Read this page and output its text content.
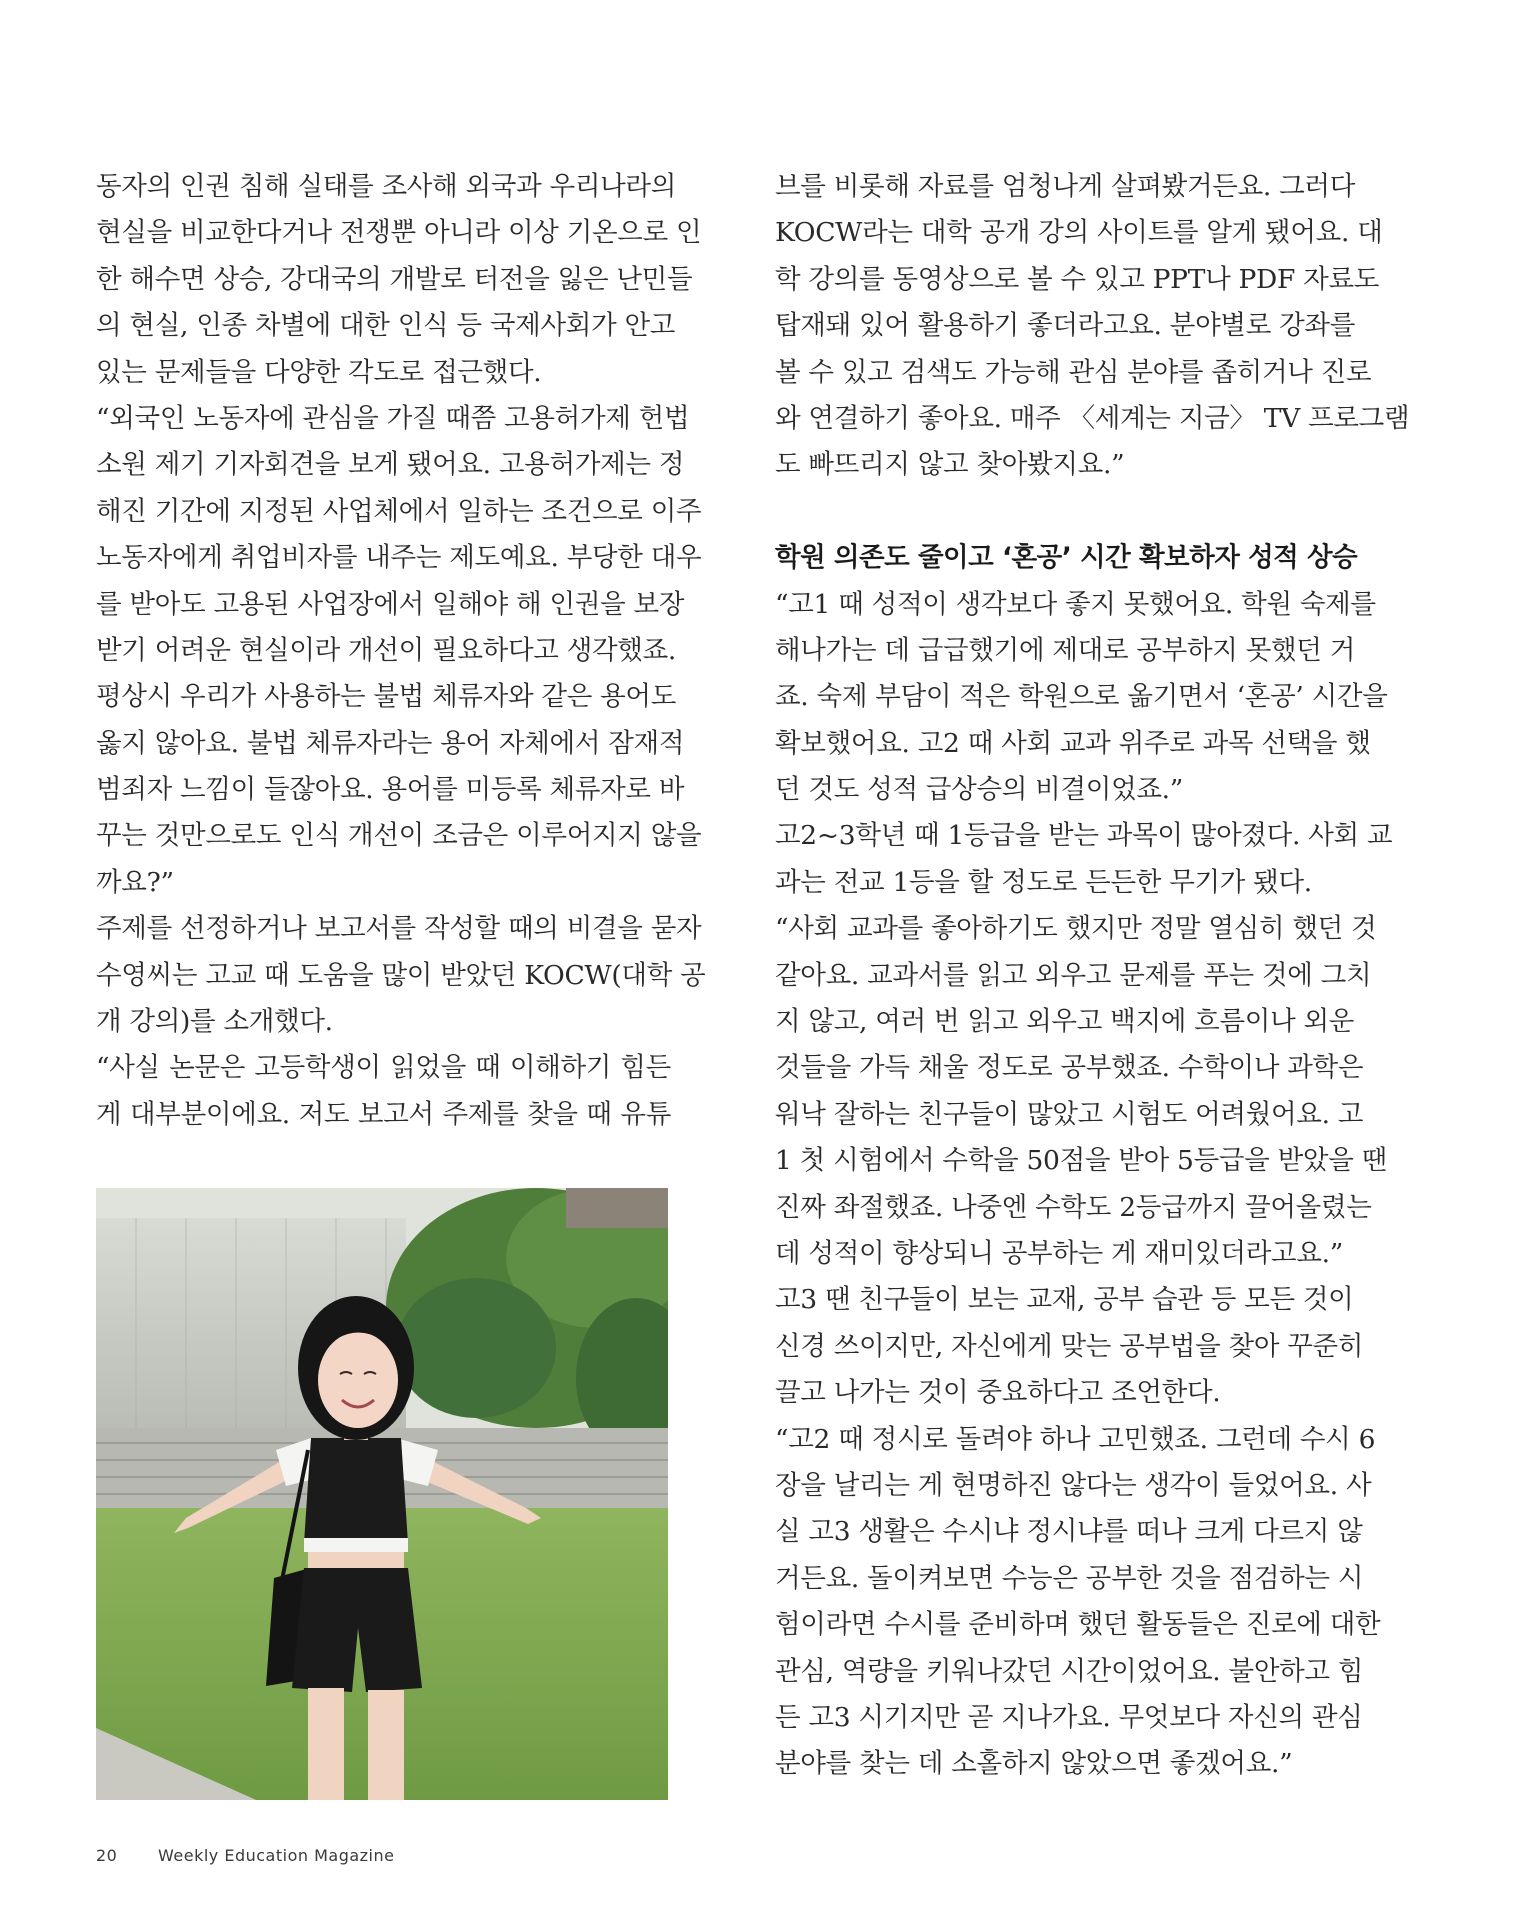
동자의 인권 침해 실태를 조사해 외국과 우리나라의
현실을 비교한다거나 전쟁뿐 아니라 이상 기온으로 인
한 해수면 상승, 강대국의 개발로 터전을 잃은 난민들
의 현실, 인종 차별에 대한 인식 등 국제사회가 안고
있는 문제들을 다양한 각도로 접근했다.
“외국인 노동자에 관심을 가질 때쯤 고용허가제 헌법
소원 제기 기자회견을 보게 됐어요. 고용허가제는 정
해진 기간에 지정된 사업체에서 일하는 조건으로 이주
노동자에게 취업비자를 내주는 제도예요. 부당한 대우
를 받아도 고용된 사업장에서 일해야 해 인권을 보장
받기 어려운 현실이라 개선이 필요하다고 생각했죠.
평상시 우리가 사용하는 불법 체류자와 같은 용어도
옳지 않아요. 불법 체류자라는 용어 자체에서 잠재적
범죄자 느낌이 들잖아요. 용어를 미등록 체류자로 바
꾸는 것만으로도 인식 개선이 조금은 이루어지지 않을
까요?”
주제를 선정하거나 보고서를 작성할 때의 비결을 묻자
수영씨는 고교 때 도움을 많이 받았던 KOCW(대학 공
개 강의)를 소개했다.
“사실 논문은 고등학생이 읽었을 때 이해하기 힘든
게 대부분이에요. 저도 보고서 주제를 찾을 때 유튜
브를 비롯해 자료를 엄청나게 살펴봤거든요. 그러다
KOCW라는 대학 공개 강의 사이트를 알게 됐어요. 대
학 강의를 동영상으로 볼 수 있고 PPT나 PDF 자료도
탑재돼 있어 활용하기 좋더라고요. 분야별로 강좌를
볼 수 있고 검색도 가능해 관심 분야를 좁히거나 진로
와 연결하기 좋아요. 매주 〈세계는 지금〉 TV 프로그램
도 빠뜨리지 않고 찾아봤지요.”
학원 의존도 줄이고 ‘혼공’ 시간 확보하자 성적 상승
“고1 때 성적이 생각보다 좋지 못했어요. 학원 숙제를
해나가는 데 급급했기에 제대로 공부하지 못했던 거
죠. 숙제 부담이 적은 학원으로 옮기면서 ‘혼공’ 시간을
확보했어요. 고2 때 사회 교과 위주로 과목 선택을 했
던 것도 성적 급상승의 비결이었죠.”
고2~3학년 때 1등급을 받는 과목이 많아졌다. 사회 교
과는 전교 1등을 할 정도로 든든한 무기가 됐다.
“사회 교과를 좋아하기도 했지만 정말 열심히 했던 것
같아요. 교과서를 읽고 외우고 문제를 푸는 것에 그치
지 않고, 여러 번 읽고 외우고 백지에 흐름이나 외운
것들을 가득 채울 정도로 공부했죠. 수학이나 과학은
워낙 잘하는 친구들이 많았고 시험도 어려웠어요. 고
1 첫 시험에서 수학을 50점을 받아 5등급을 받았을 땐
진짜 좌절했죠. 나중엔 수학도 2등급까지 끌어올렸는
데 성적이 향상되니 공부하는 게 재미있더라고요.”
고3 땐 친구들이 보는 교재, 공부 습관 등 모든 것이
신경 쓰이지만, 자신에게 맞는 공부법을 찾아 꾸준히
끌고 나가는 것이 중요하다고 조언한다.
“고2 때 정시로 돌려야 하나 고민했죠. 그런데 수시 6
장을 날리는 게 현명하진 않다는 생각이 들었어요. 사
실 고3 생활은 수시냐 정시냐를 떠나 크게 다르지 않
거든요. 돌이켜보면 수능은 공부한 것을 점검하는 시
험이라면 수시를 준비하며 했던 활동들은 진로에 대한
관심, 역량을 키워나갔던 시간이었어요. 불안하고 힘
든 고3 시기지만 곧 지나가요. 무엇보다 자신의 관심
분야를 찾는 데 소홀하지 않았으면 좋겠어요.”
20	Weekly Education Magazine
